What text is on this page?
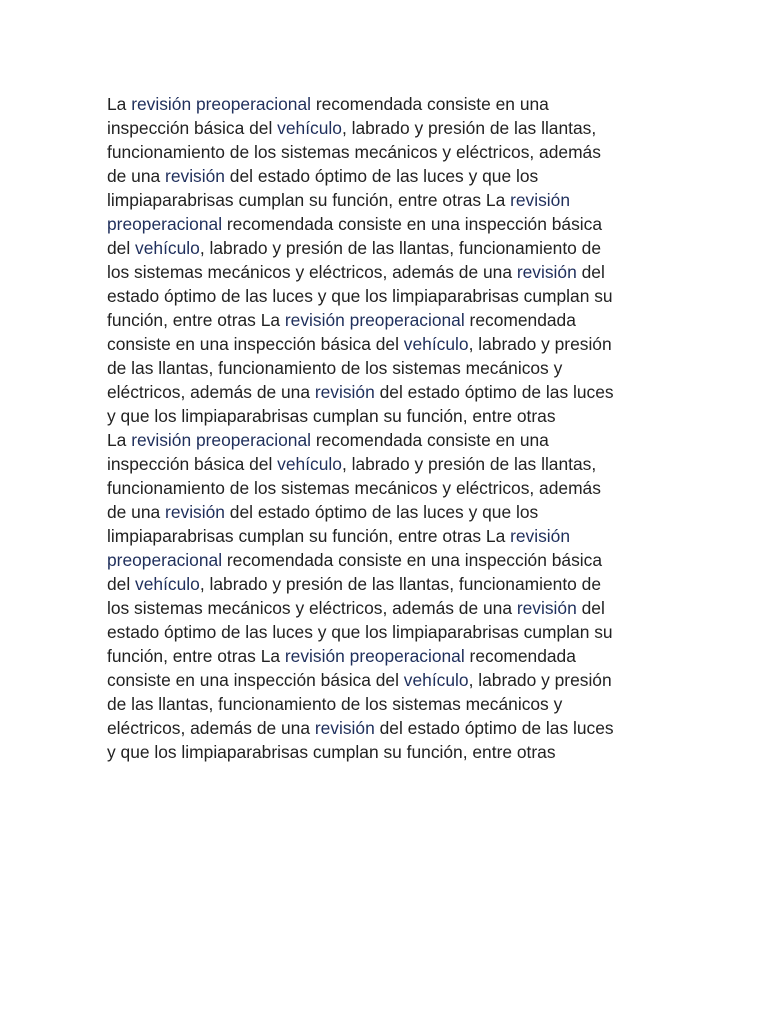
La revisión preoperacional recomendada consiste en una
inspección básica del vehículo, labrado y presión de las llantas,
funcionamiento de los sistemas mecánicos y eléctricos, además
de una revisión del estado óptimo de las luces y que los
limpiaparabrisas cumplan su función, entre otras La revisión
preoperacional recomendada consiste en una inspección básica
del vehículo, labrado y presión de las llantas, funcionamiento de
los sistemas mecánicos y eléctricos, además de una revisión del
estado óptimo de las luces y que los limpiaparabrisas cumplan su
función, entre otras La revisión preoperacional recomendada
consiste en una inspección básica del vehículo, labrado y presión
de las llantas, funcionamiento de los sistemas mecánicos y
eléctricos, además de una revisión del estado óptimo de las luces
y que los limpiaparabrisas cumplan su función, entre otras
La revisión preoperacional recomendada consiste en una
inspección básica del vehículo, labrado y presión de las llantas,
funcionamiento de los sistemas mecánicos y eléctricos, además
de una revisión del estado óptimo de las luces y que los
limpiaparabrisas cumplan su función, entre otras La revisión
preoperacional recomendada consiste en una inspección básica
del vehículo, labrado y presión de las llantas, funcionamiento de
los sistemas mecánicos y eléctricos, además de una revisión del
estado óptimo de las luces y que los limpiaparabrisas cumplan su
función, entre otras La revisión preoperacional recomendada
consiste en una inspección básica del vehículo, labrado y presión
de las llantas, funcionamiento de los sistemas mecánicos y
eléctricos, además de una revisión del estado óptimo de las luces
y que los limpiaparabrisas cumplan su función, entre otras
